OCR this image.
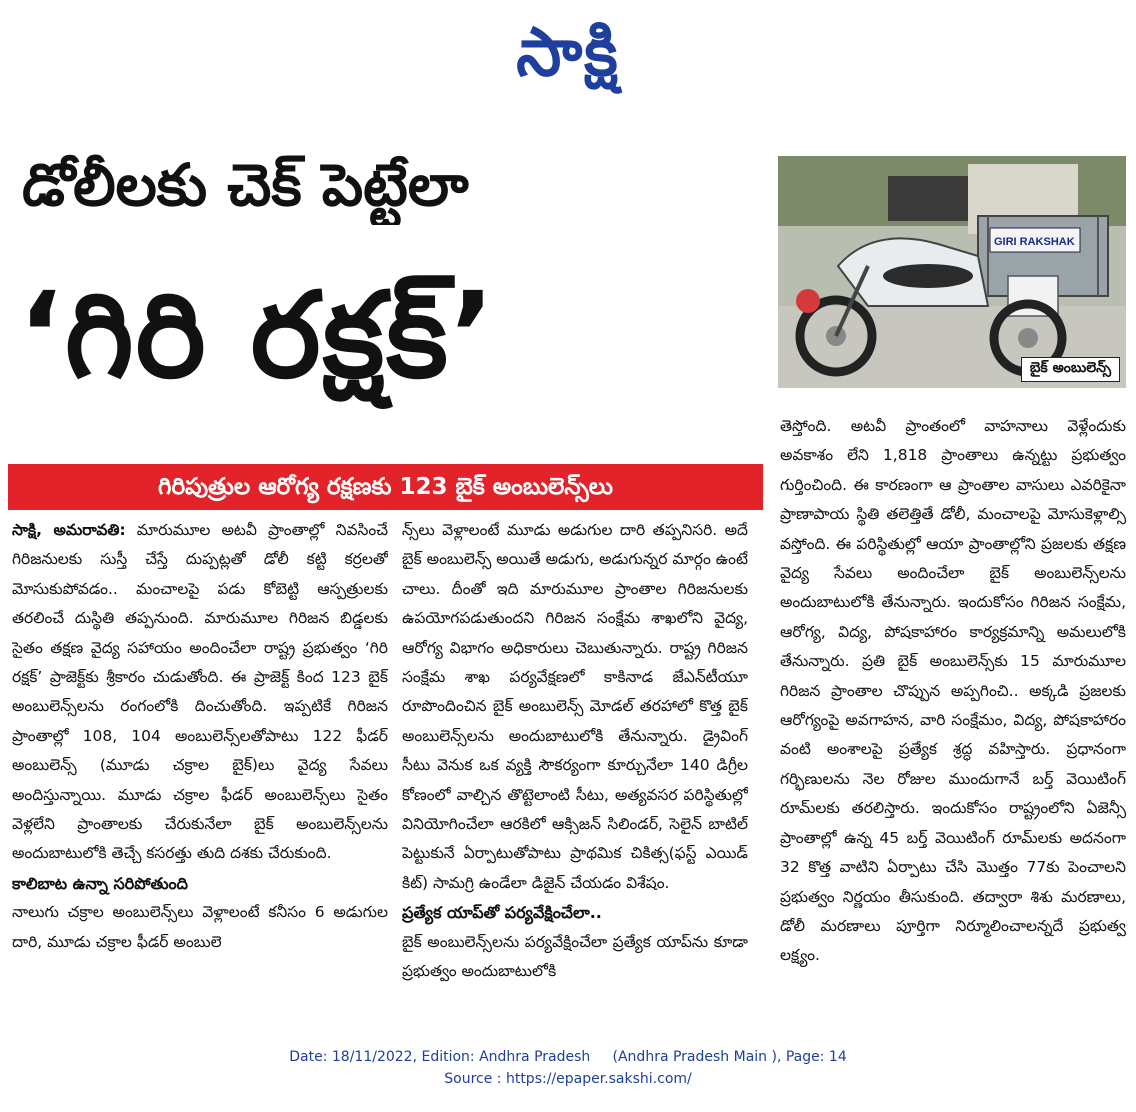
సాక్షి
డోలీలకు చెక్ పెట్టేలా
‘గిరి రక్షక్’
GIRI RAKSHAK
బైక్ అంబులెన్స్
గిరిపుత్రుల ఆరోగ్య రక్షణకు 123 బైక్ అంబులెన్స్‌లు

సాక్షి, అమరావతి: మారుమూల అటవీ ప్రాంతాల్లో నివసించే గిరిజనులకు సుస్తీ చేస్తే దుప్పట్లతో డోలీ కట్టి కర్రలతో మోసుకుపోవడం.. మంచాలపై పడు కోబెట్టి ఆస్పత్రులకు తరలించే దుస్థితి తప్పనుంది. మారుమూల గిరిజన బిడ్డలకు సైతం తక్షణ వైద్య సహాయం అందించేలా రాష్ట్ర ప్రభుత్వం ‘గిరి రక్షక్’ ప్రాజెక్ట్‌కు శ్రీకారం చుడుతోంది. ఈ ప్రాజెక్ట్ కింద 123 బైక్ అంబులెన్స్‌లను రంగంలోకి దించుతోంది. ఇప్పటికే గిరిజన ప్రాంతాల్లో 108, 104 అంబులెన్స్‌లతోపాటు 122 ఫీడర్ అంబులెన్స్ (మూడు చక్రాల బైక్)లు వైద్య సేవలు అందిస్తున్నాయి. మూడు చక్రాల ఫీడర్ అంబులెన్స్‌లు సైతం వెళ్లలేని ప్రాంతాలకు చేరుకునేలా బైక్ అంబులెన్స్‌లను అందుబాటులోకి తెచ్చే కసరత్తు తుది దశకు చేరుకుంది.

కాలిబాట ఉన్నా సరిపోతుంది

నాలుగు చక్రాల అంబులెన్స్‌లు వెళ్లాలంటే కనీసం 6 అడుగుల దారి, మూడు చక్రాల ఫీడర్ అంబులె

న్స్‌లు వెళ్లాలంటే మూడు అడుగుల దారి తప్పనిసరి. అదే బైక్ అంబులెన్స్ అయితే అడుగు, అడుగున్నర మార్గం ఉంటే చాలు. దీంతో ఇది మారుమూల ప్రాంతాల గిరిజనులకు ఉపయోగపడుతుందని గిరిజన సంక్షేమ శాఖలోని వైద్య, ఆరోగ్య విభాగం అధికారులు చెబుతున్నారు. రాష్ట్ర గిరిజన సంక్షేమ శాఖ పర్యవేక్షణలో కాకినాడ జేఎన్‌టీయూ రూపొందించిన బైక్ అంబులెన్స్ మోడల్ తరహాలో కొత్త బైక్ అంబులెన్స్‌లను అందుబాటులోకి తేనున్నారు. డ్రైవింగ్ సీటు వెనుక ఒక వ్యక్తి సౌకర్యంగా కూర్చునేలా 140 డిగ్రీల కోణంలో వాల్చిన తొట్టెలాంటి సీటు, అత్యవసర పరిస్థితుల్లో వినియోగించేలా ఆరకిలో ఆక్సిజన్ సిలిండర్, సెలైన్ బాటిల్ పెట్టుకునే ఏర్పాటుతోపాటు ప్రాథమిక చికిత్స(ఫస్ట్ ఎయిడ్ కిట్) సామగ్రి ఉండేలా డిజైన్ చేయడం విశేషం.

ప్రత్యేక యాప్‌తో పర్యవేక్షించేలా..

బైక్ అంబులెన్స్‌లను పర్యవేక్షించేలా ప్రత్యేక యాప్‌ను కూడా ప్రభుత్వం అందుబాటులోకి

తెస్తోంది. అటవీ ప్రాంతంలో వాహనాలు వెళ్లేందుకు అవకాశం లేని 1,818 ప్రాంతాలు ఉన్నట్టు ప్రభుత్వం గుర్తించింది. ఈ కారణంగా ఆ ప్రాంతాల వాసులు ఎవరికైనా ప్రాణాపాయ స్థితి తలెత్తితే డోలీ, మంచాలపై మోసుకెళ్లాల్సి వస్తోంది. ఈ పరిస్థితుల్లో ఆయా ప్రాంతాల్లోని ప్రజలకు తక్షణ వైద్య సేవలు అందించేలా బైక్ అంబులెన్స్‌లను అందుబాటులోకి తేనున్నారు. ఇందుకోసం గిరిజన సంక్షేమ, ఆరోగ్య, విద్య, పోషకాహారం కార్యక్రమాన్ని అమలులోకి తేనున్నారు. ప్రతి బైక్ అంబులెన్స్‌కు 15 మారుమూల గిరిజన ప్రాంతాల చొప్పున అప్పగించి.. అక్కడి ప్రజలకు ఆరోగ్యంపై అవగాహన, వారి సంక్షేమం, విద్య, పోషకాహారం వంటి అంశాలపై ప్రత్యేక శ్రద్ధ వహిస్తారు. ప్రధానంగా గర్భిణులను నెల రోజుల ముందుగానే బర్త్ వెయిటింగ్ రూమ్‌లకు తరలిస్తారు. ఇందుకోసం రాష్ట్రంలోని ఏజెన్సీ ప్రాంతాల్లో ఉన్న 45 బర్త్ వెయిటింగ్ రూమ్‌లకు అదనంగా 32 కొత్త వాటిని ఏర్పాటు చేసి మొత్తం 77కు పెంచాలని ప్రభుత్వం నిర్ణయం తీసుకుంది. తద్వారా శిశు మరణాలు, డోలీ మరణాలు పూర్తిగా నిర్మూలించాలన్నదే ప్రభుత్వ లక్ష్యం.

Date: 18/11/2022, Edition: Andhra Pradesh     (Andhra Pradesh Main ), Page: 14
Source : https://epaper.sakshi.com/
